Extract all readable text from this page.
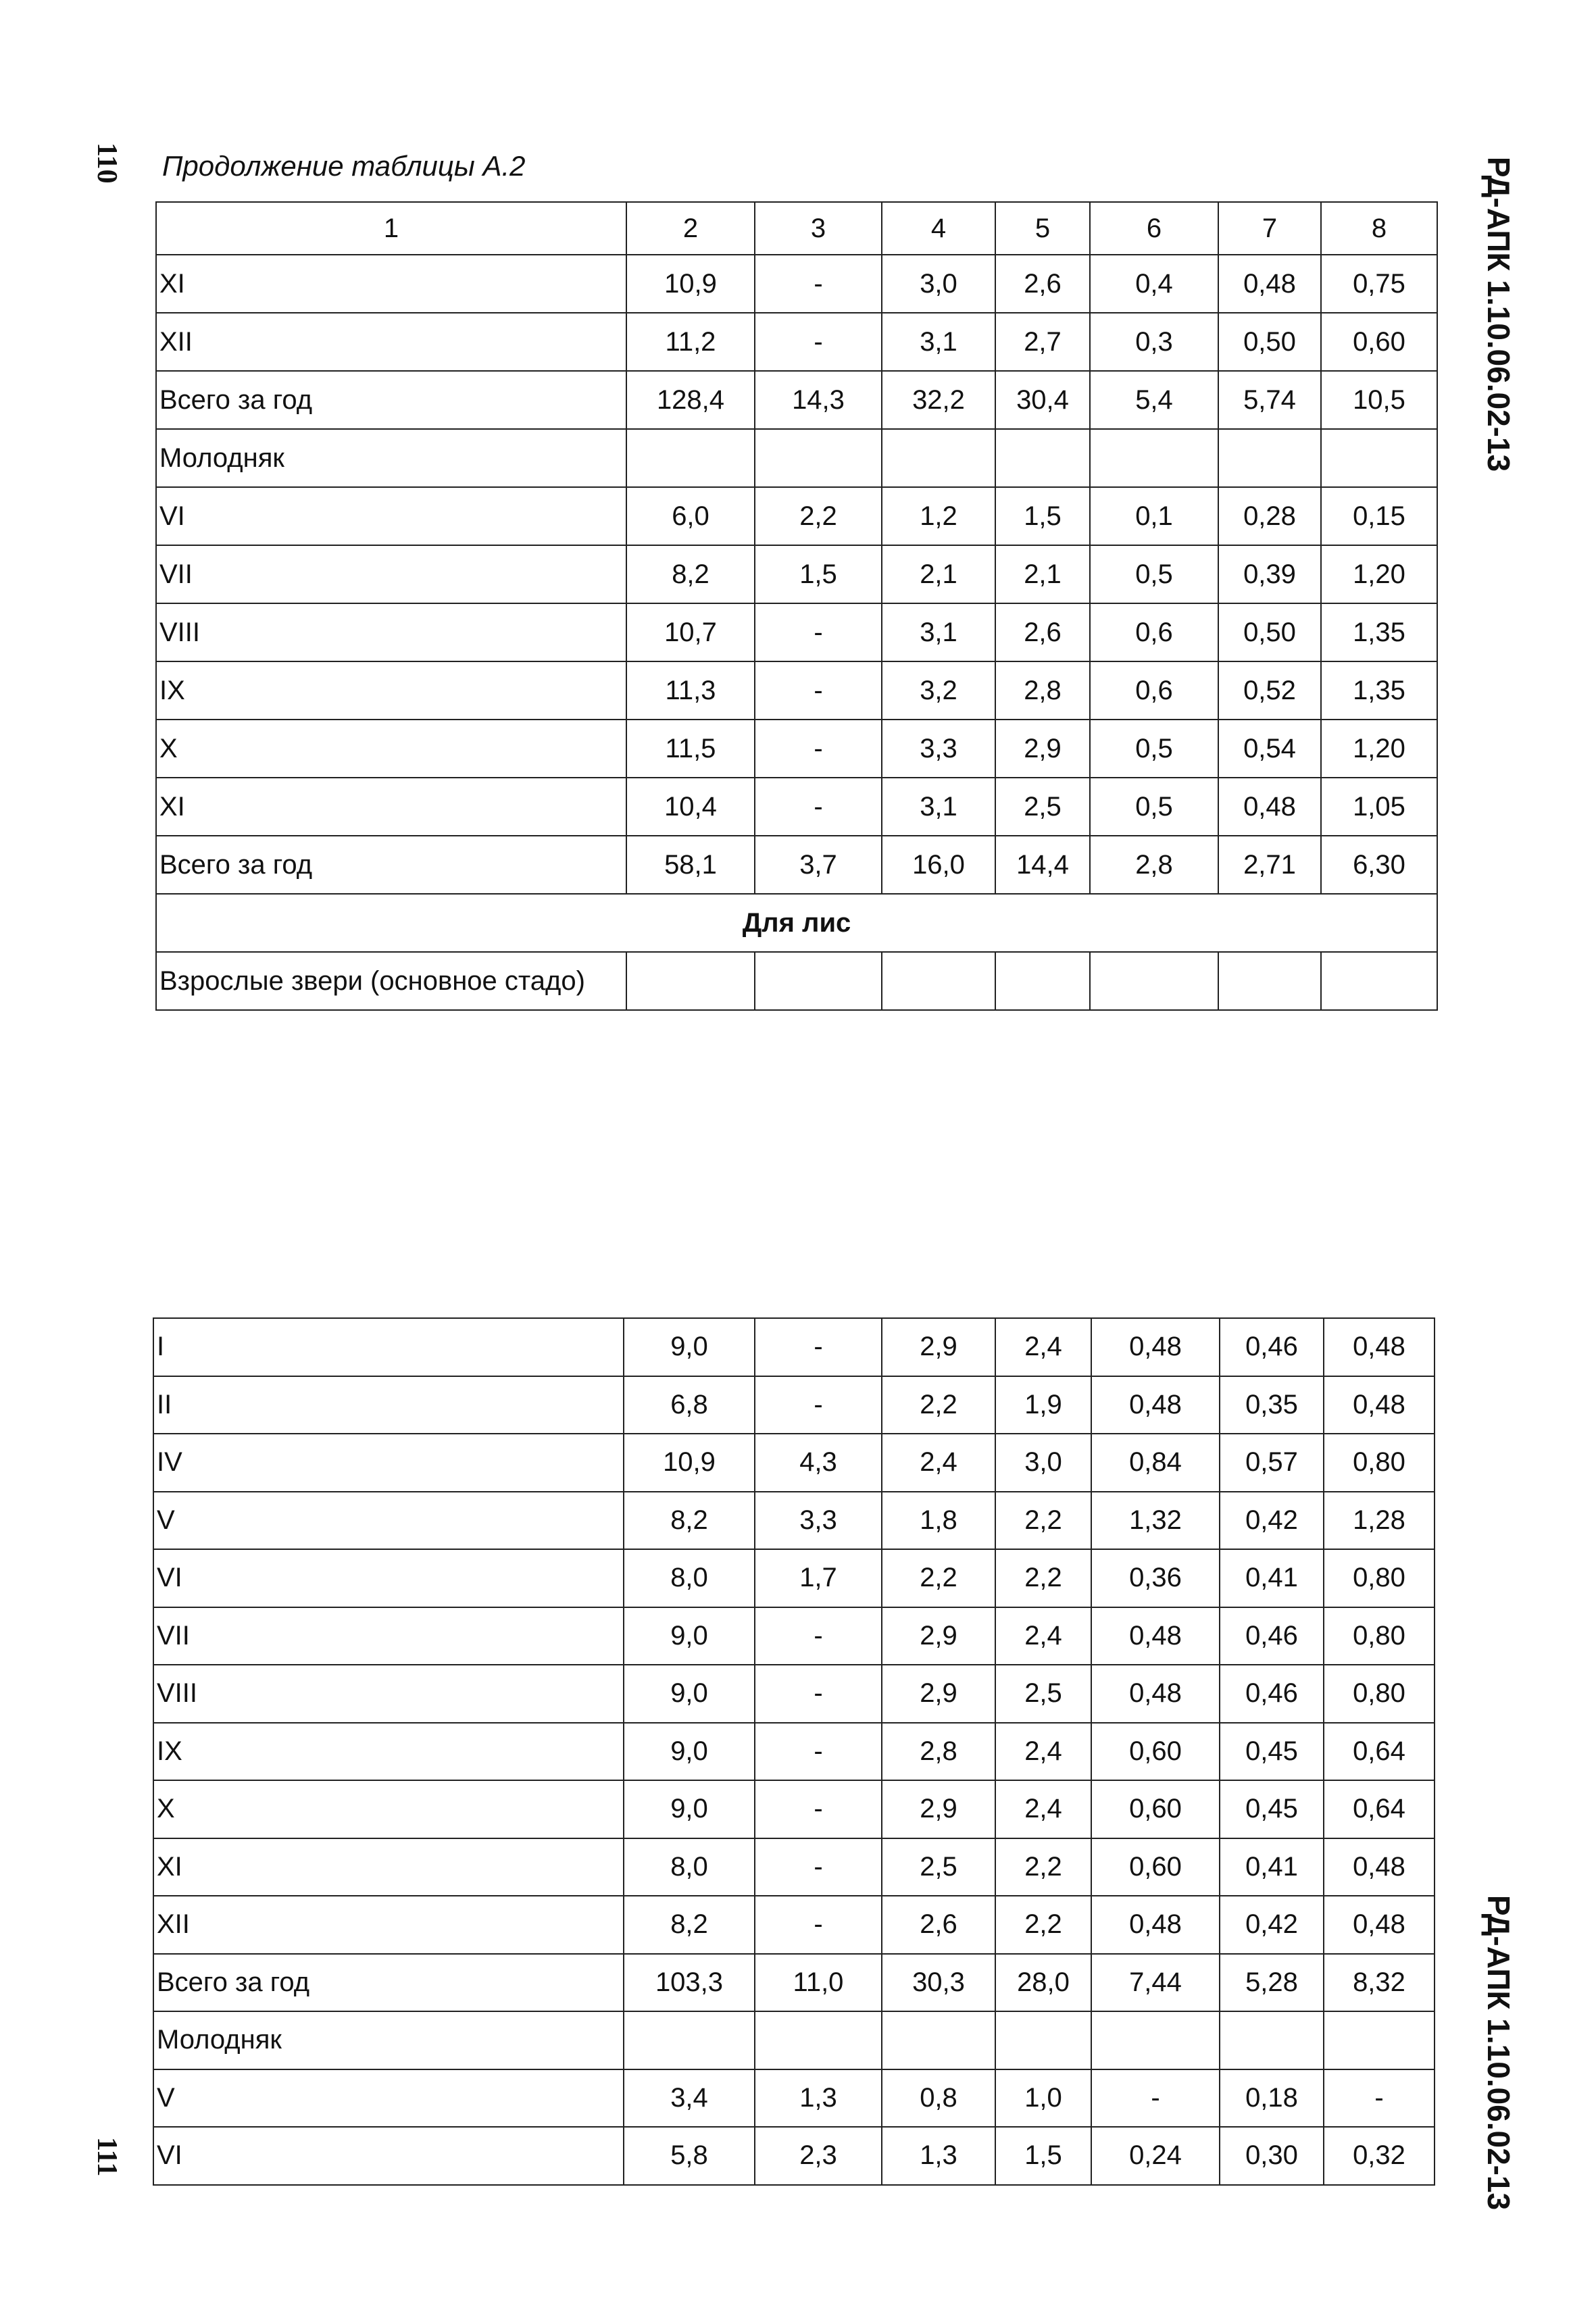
110
111
РД-АПК 1.10.06.02-13
РД-АПК 1.10.06.02-13
Продолжение таблицы А.2
1	2	3	4	5	6	7	8
XI	10,9	-	3,0	2,6	0,4	0,48	0,75
XII	11,2	-	3,1	2,7	0,3	0,50	0,60
Всего за год	128,4	14,3	32,2	30,4	5,4	5,74	10,5
Молодняк							
VI	6,0	2,2	1,2	1,5	0,1	0,28	0,15
VII	8,2	1,5	2,1	2,1	0,5	0,39	1,20
VIII	10,7	-	3,1	2,6	0,6	0,50	1,35
IX	11,3	-	3,2	2,8	0,6	0,52	1,35
X	11,5	-	3,3	2,9	0,5	0,54	1,20
XI	10,4	-	3,1	2,5	0,5	0,48	1,05
Всего за год	58,1	3,7	16,0	14,4	2,8	2,71	6,30
Для лис							
Взрослые звери (основное стадо)							
I	9,0	-	2,9	2,4	0,48	0,46	0,48
II	6,8	-	2,2	1,9	0,48	0,35	0,48
IV	10,9	4,3	2,4	3,0	0,84	0,57	0,80
V	8,2	3,3	1,8	2,2	1,32	0,42	1,28
VI	8,0	1,7	2,2	2,2	0,36	0,41	0,80
VII	9,0	-	2,9	2,4	0,48	0,46	0,80
VIII	9,0	-	2,9	2,5	0,48	0,46	0,80
IX	9,0	-	2,8	2,4	0,60	0,45	0,64
X	9,0	-	2,9	2,4	0,60	0,45	0,64
XI	8,0	-	2,5	2,2	0,60	0,41	0,48
XII	8,2	-	2,6	2,2	0,48	0,42	0,48
Всего за год	103,3	11,0	30,3	28,0	7,44	5,28	8,32
Молодняк							
V	3,4	1,3	0,8	1,0	-	0,18	-
VI	5,8	2,3	1,3	1,5	0,24	0,30	0,32
